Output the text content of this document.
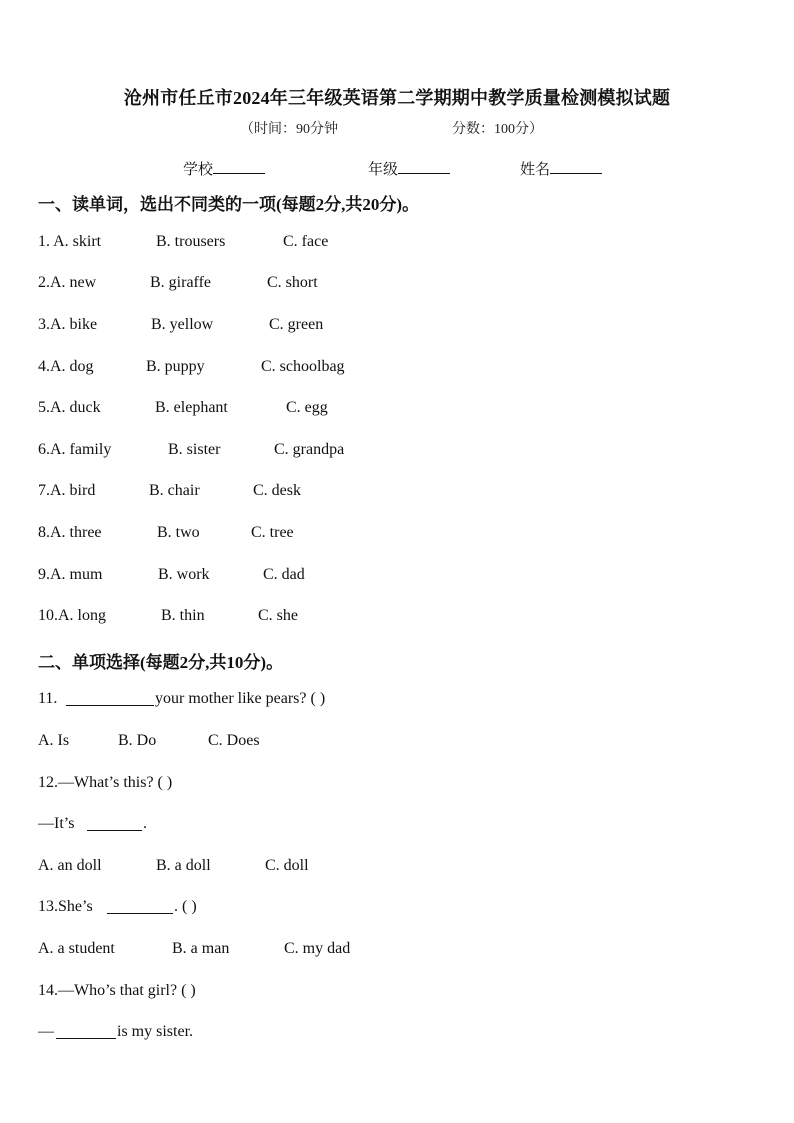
沧州市任丘市2024年三年级英语第二学期期中教学质量检测模拟试题
（时间：90分钟	分数：100分）
学校	年级	姓名
一、读单词，选出不同类的一项(每题2分,共20分)。
1. A. skirt	B. trousers	C. face
2.A. new	B. giraffe	C. short
3.A. bike	B. yellow	C. green
4.A. dog	B. puppy	C. schoolbag
5.A. duck	B. elephant	C. egg
6.A. family	B. sister	C. grandpa
7.A. bird	B. chair	C. desk
8.A. three	B. two	C. tree
9.A. mum	B. work	C. dad
10.A. long	B. thin	C. she
二、单项选择(每题2分,共10分)。
11.	your mother like pears? ( )
A. Is	B. Do	C. Does
12.—What’s this? ( )
—It’s	.
A. an doll	B. a doll	C. doll
13.She’s	. ( )
A. a student	B. a man	C. my dad
14.—Who’s that girl? ( )
—	is my sister.
